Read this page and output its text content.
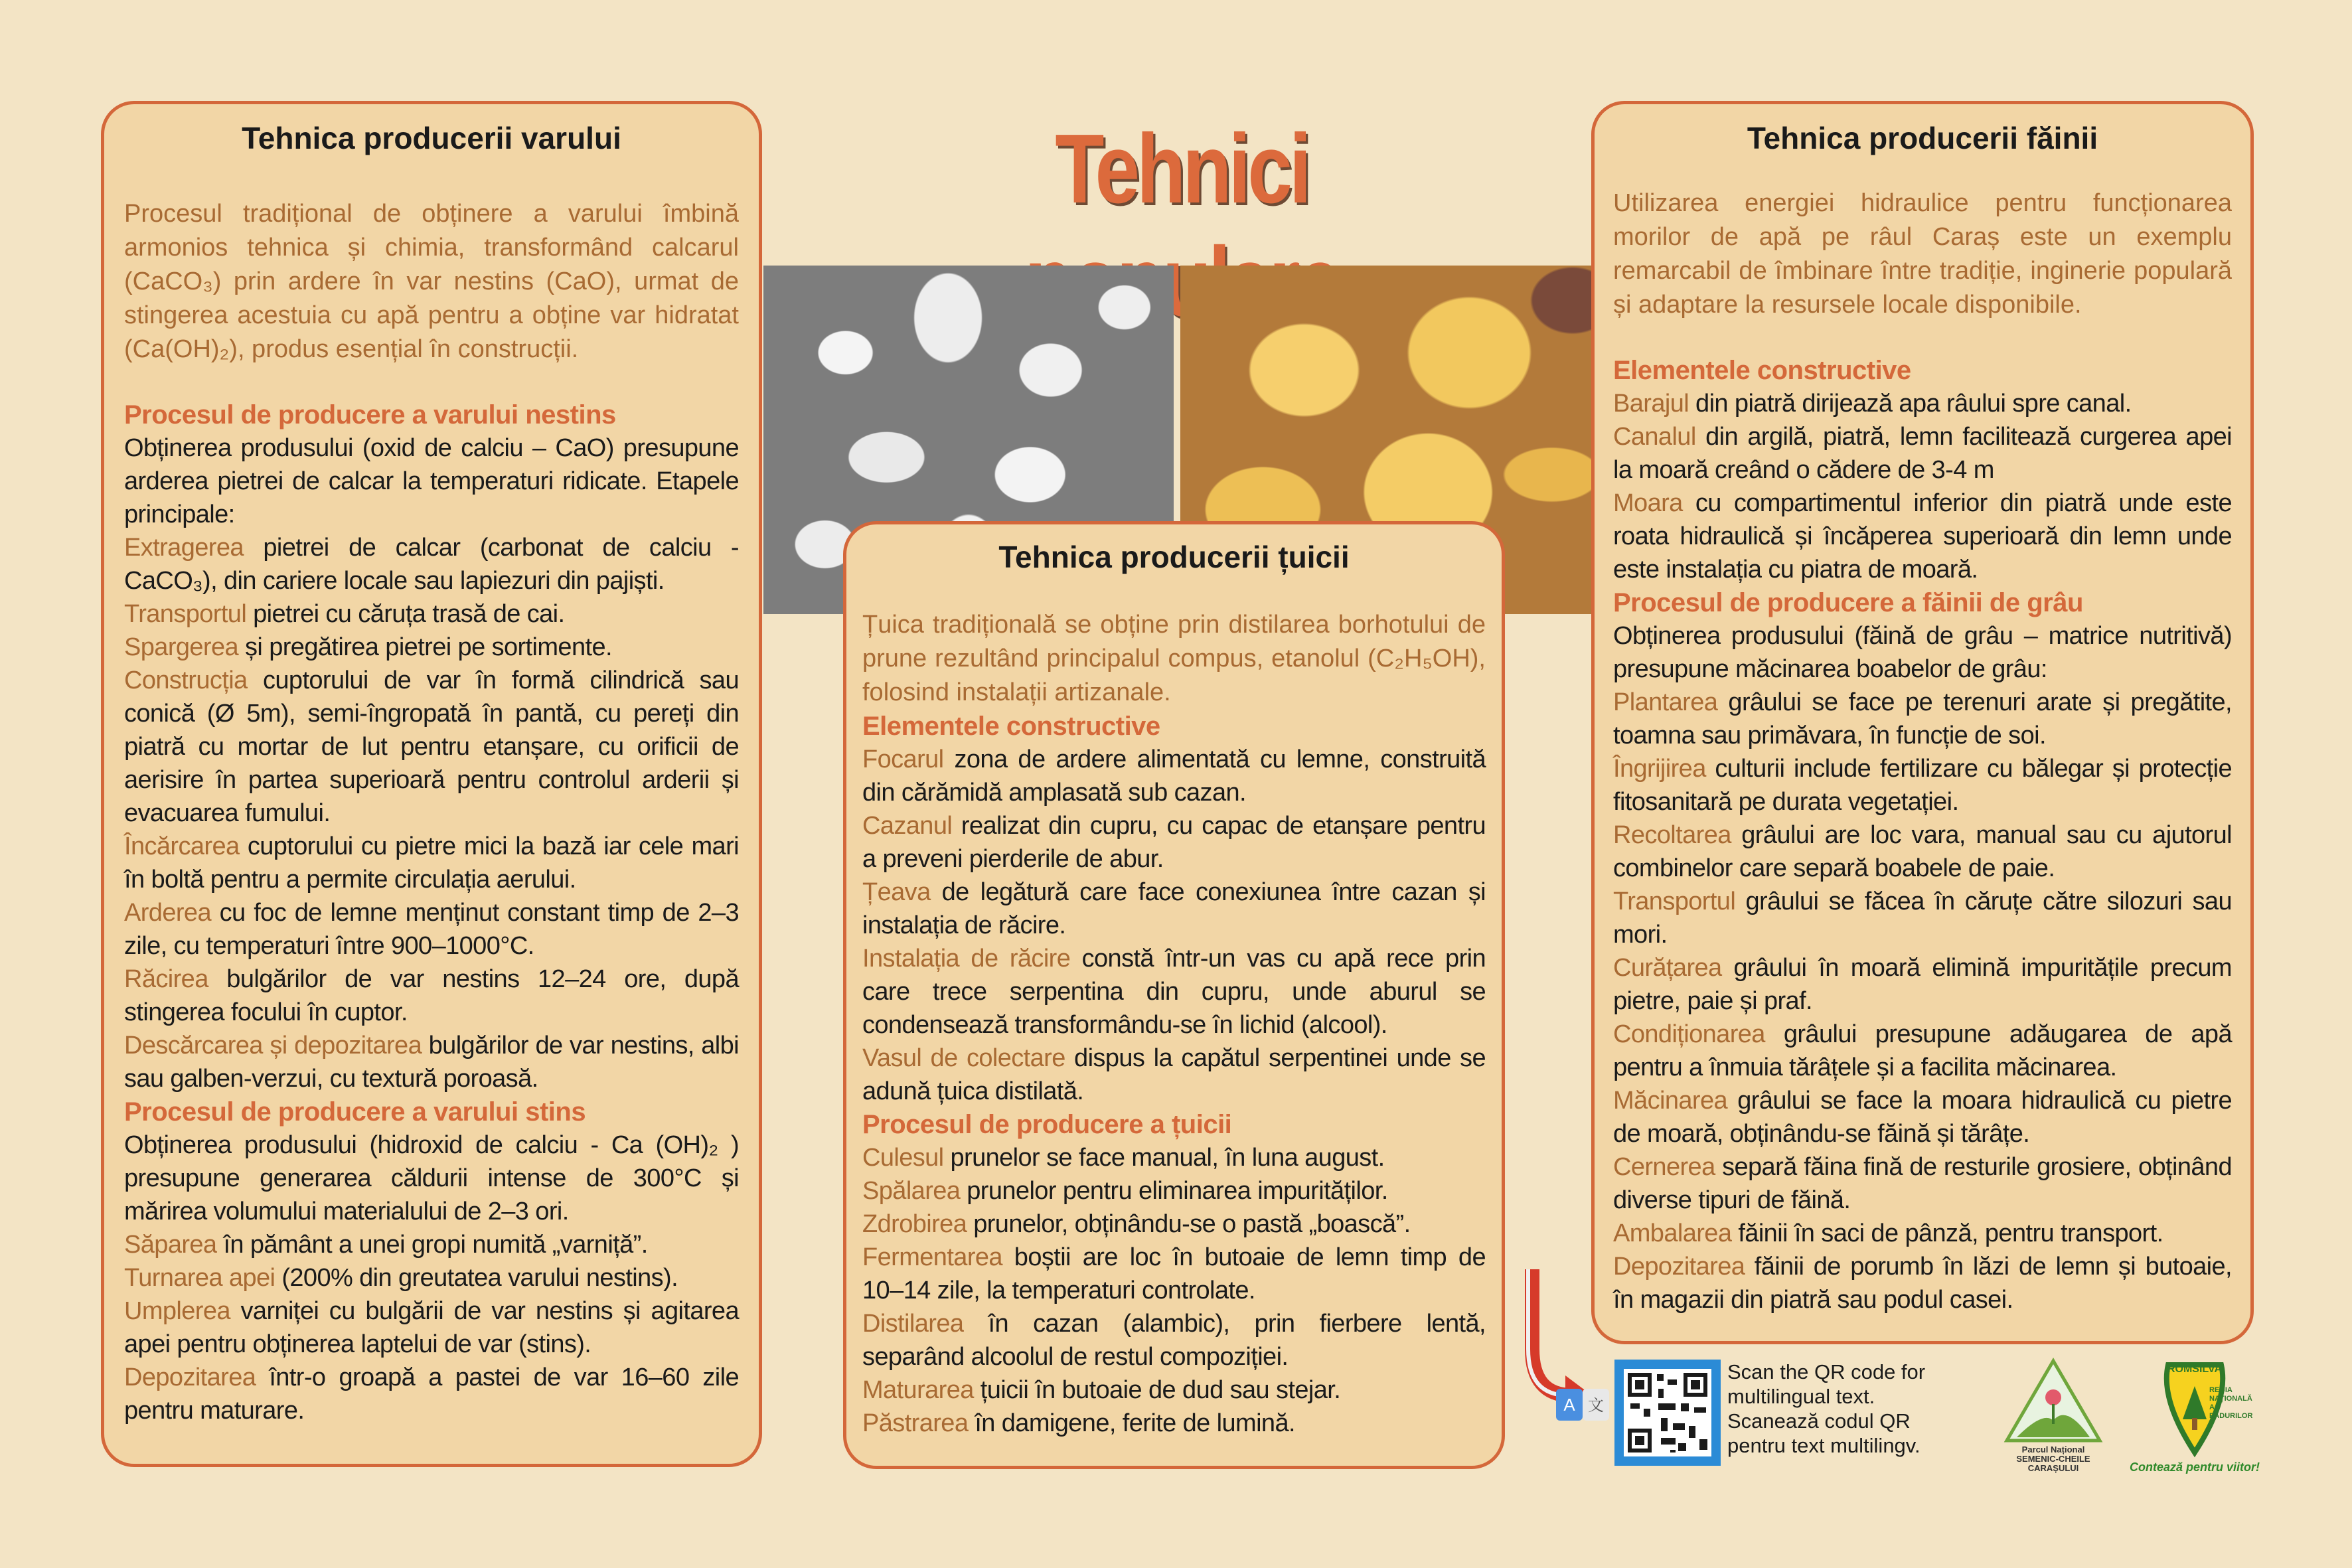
Tehnici
Tehnica producerii varului

Procesul tradițional de obținere a varului îmbină armonios tehnica și chimia, transformând calcarul (CaCO₃) prin ardere în var nestins (CaO), urmat de stingerea acestuia cu apă pentru a obține var hidratat (Ca(OH)₂), produs esențial în construcții.

Procesul de producere a varului nestins

Obținerea produsului (oxid de calciu – CaO) presupune arderea pietrei de calcar la temperaturi ridicate. Etapele principale:

Extragerea pietrei de calcar (carbonat de calciu - CaCO₃), din cariere locale sau lapiezuri din pajiști.

Transportul pietrei cu căruța trasă de cai.

Spargerea și pregătirea pietrei pe sortimente.

Construcția cuptorului de var în formă cilindrică sau conică (Ø 5m), semi-îngropată în pantă, cu pereți din piatră cu mortar de lut pentru etanșare, cu orificii de aerisire în partea superioară pentru controlul arderii și evacuarea fumului.

Încărcarea cuptorului cu pietre mici la bază iar cele mari în boltă pentru a permite circulația aerului.

Arderea cu foc de lemne menținut constant timp de 2–3 zile, cu temperaturi între 900–1000°C.

Răcirea bulgărilor de var nestins 12–24 ore, după stingerea focului în cuptor.

Descărcarea și depozitarea bulgărilor de var nestins, albi sau galben-verzui, cu textură poroasă.

Procesul de producere a varului stins

Obținerea produsului (hidroxid de calciu - Ca (OH)₂ ) presupune generarea căldurii intense de 300°C și mărirea volumului materialului de 2–3 ori.

Săparea în pământ a unei gropi numită „varniță”.

Turnarea apei (200% din greutatea varului nestins).

Umplerea varniței cu bulgării de var nestins și agitarea apei pentru obținerea laptelui de var (stins).

Depozitarea într-o groapă a pastei de var 16–60 zile pentru maturare.

Tehnica producerii țuicii

Țuica tradițională se obține prin distilarea borhotului de prune rezultând principalul compus, etanolul (C₂H₅OH), folosind instalații artizanale.

Elementele constructive

Focarul zona de ardere alimentată cu lemne, construită din cărămidă amplasată sub cazan.

Cazanul realizat din cupru, cu capac de etanșare pentru a preveni pierderile de abur.

Țeava de legătură care face conexiunea între cazan și instalația de răcire.

Instalația de răcire constă într-un vas cu apă rece prin care trece serpentina din cupru, unde aburul se condensează transformându-se în lichid (alcool).

Vasul de colectare dispus la capătul serpentinei unde se adună țuica distilată.

Procesul de producere a țuicii

Culesul prunelor se face manual, în luna august.

Spălarea prunelor pentru eliminarea impurităților.

Zdrobirea prunelor, obținându-se o pastă „boască”.

Fermentarea boștii are loc în butoaie de lemn timp de 10–14 zile, la temperaturi controlate.

Distilarea în cazan (alambic), prin fierbere lentă, separând alcoolul de restul compoziției.

Maturarea țuicii în butoaie de dud sau stejar.

Păstrarea în damigene, ferite de lumină.

Tehnica producerii făinii

Utilizarea energiei hidraulice pentru funcționarea morilor de apă pe râul Caraș este un exemplu remarcabil de îmbinare între tradiție, inginerie populară și adaptare la resursele locale disponibile.

Elementele constructive

Barajul din piatră dirijează apa râului spre canal.

Canalul din argilă, piatră, lemn facilitează curgerea apei la moară creând o cădere de 3-4 m

Moara cu compartimentul inferior din piatră unde este roata hidraulică și încăperea superioară din lemn unde este instalația cu piatra de moară.

Procesul de producere a făinii de grâu

Obținerea produsului (făină de grâu – matrice nutritivă) presupune măcinarea boabelor de grâu:

Plantarea grâului se face pe terenuri arate și pregătite, toamna sau primăvara, în funcție de soi.

Îngrijirea culturii include fertilizare cu bălegar și protecție fitosanitară pe durata vegetației.

Recoltarea grâului are loc vara, manual sau cu ajutorul combinelor care separă boabele de paie.

Transportul grâului se făcea în căruțe către silozuri sau mori.

Curățarea grâului în moară elimină impuritățile precum pietre, paie și praf.

Condiționarea grâului presupune adăugarea de apă pentru a înmuia tărâțele și a facilita măcinarea.

Măcinarea grâului se face la moara hidraulică cu pietre de moară, obținându-se făină și tărâțe.

Cernerea separă făina fină de resturile grosiere, obținând diverse tipuri de făină.

Ambalarea făinii în saci de pânză, pentru transport.

Depozitarea făinii de porumb în lăzi de lemn și butoaie, în magazii din piatră sau podul casei.

A 文
Scan the QR code for multilingual text.
Scanează codul QR pentru text multilingv.	Parcul Național SEMENIC-CHEILE CARAȘULUI
ROMSILVA
REGIA NAȚIONALĂ A PĂDURILOR
Contează pentru viitor!
